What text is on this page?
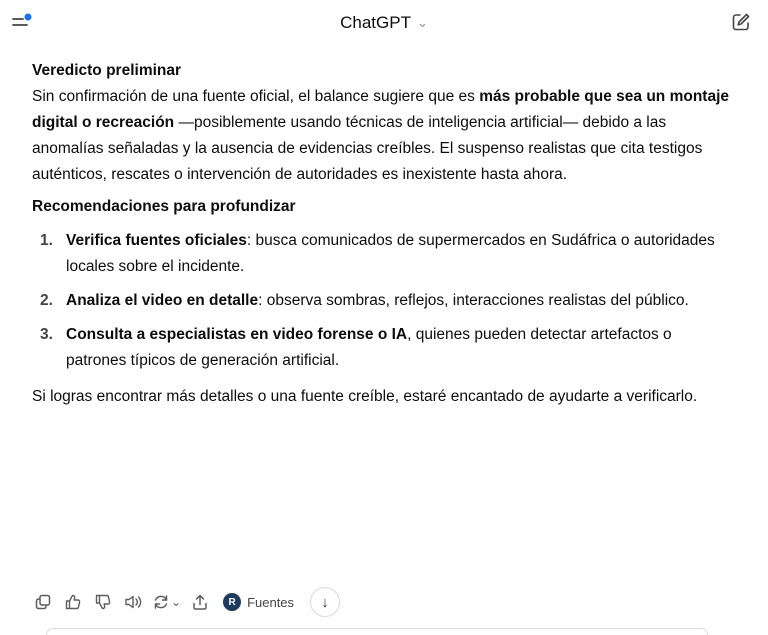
ChatGPT ⌄

Veredicto preliminar

Sin confirmación de una fuente oficial, el balance sugiere que es más probable que sea un montaje digital o recreación —posiblemente usando técnicas de inteligencia artificial— debido a las anomalías señaladas y la ausencia de evidencias creíbles. El suspenso realistas que cita testigos auténticos, rescates o intervención de autoridades es inexistente hasta ahora.

Recomendaciones para profundizar

1. Verifica fuentes oficiales: busca comunicados de supermercados en Sudáfrica o autoridades locales sobre el incidente.
2. Analiza el video en detalle: observa sombras, reflejos, interacciones realistas del público.
3. Consulta a especialistas en video forense o IA, quienes pueden detectar artefactos o patrones típicos de generación artificial.

Si logras encontrar más detalles o una fuente creíble, estaré encantado de ayudarte a verificarlo.

⌄	R Fuentes ↓
